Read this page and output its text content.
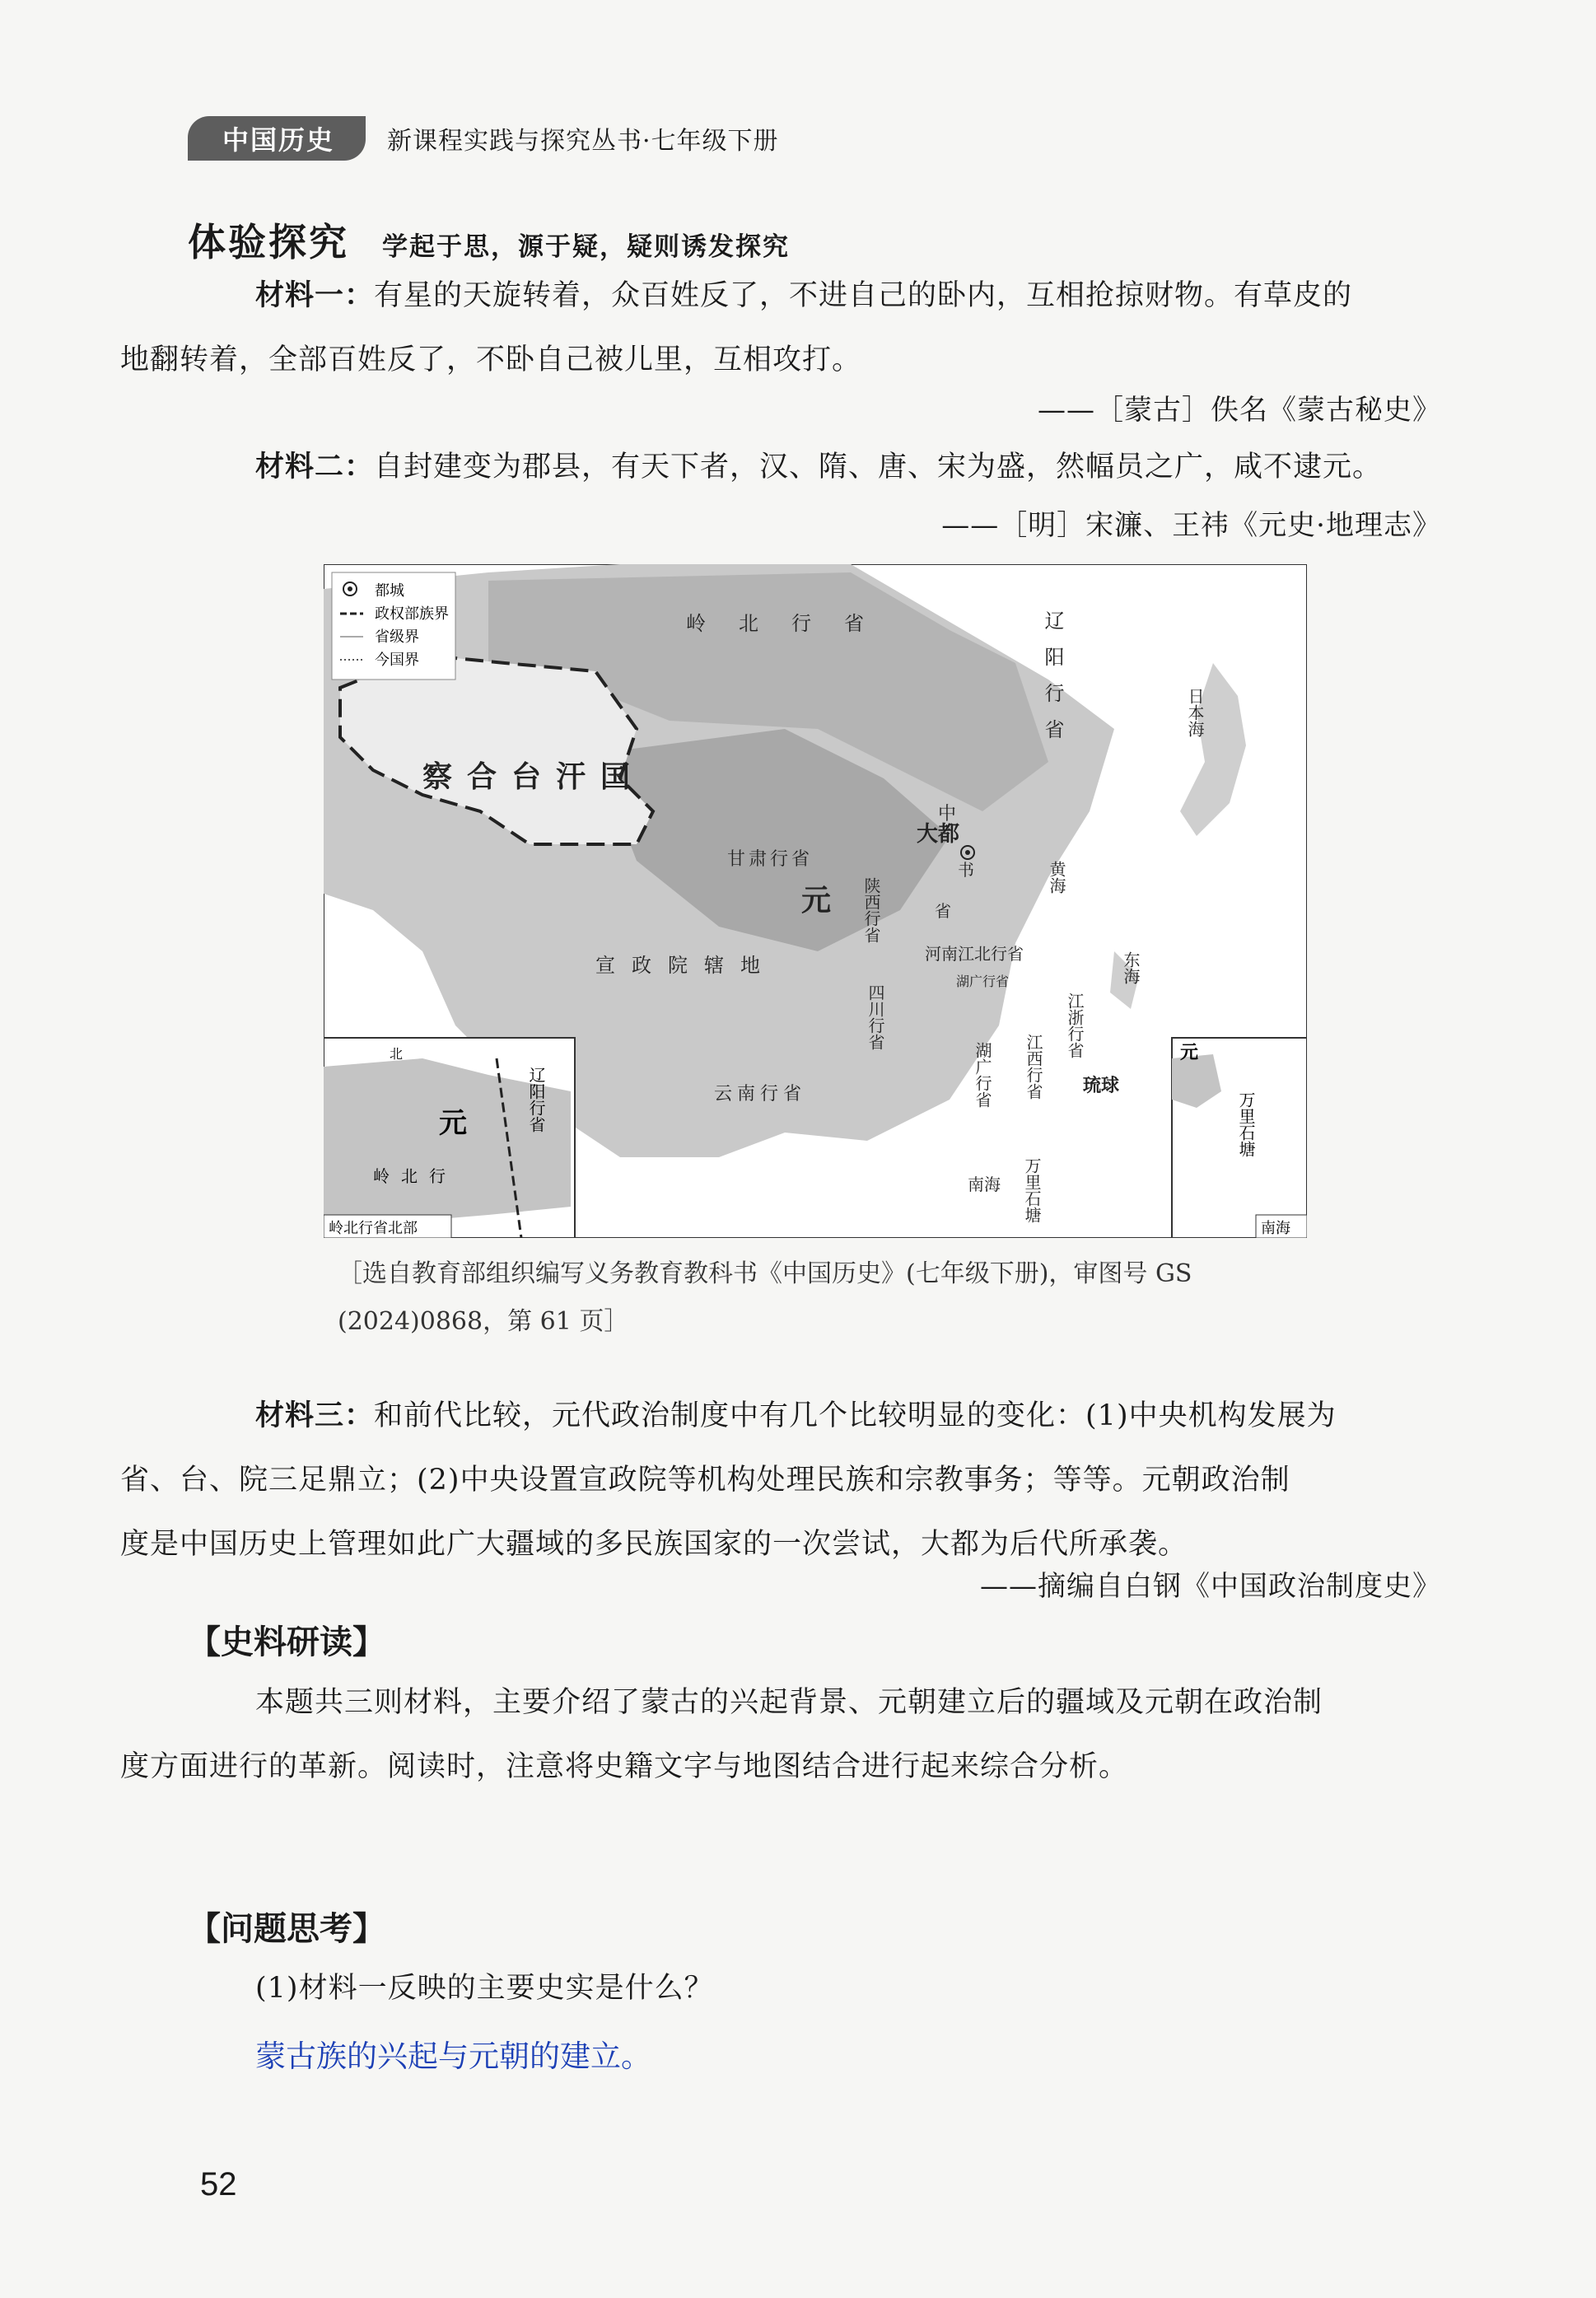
中国历史	新课程实践与探究丛书·七年级下册
体验探究 学起于思，源于疑，疑则诱发探究
材料一：有星的天旋转着，众百姓反了，不进自己的卧内，互相抢掠财物。有草皮的
地翻转着，全部百姓反了，不卧自己被儿里，互相攻打。
——［蒙古］佚名《蒙古秘史》
材料二：自封建变为郡县，有天下者，汉、隋、唐、宋为盛，然幅员之广，咸不逮元。
——［明］宋濂、王祎《元史·地理志》
都城
政权部族界
省级界
今国界
岭北行省	辽阳行省
察合台汗国
中
大都
书
省
甘肃行省
元 陕西行省
河南江北行省
湖广行省
宣政院辖地
四川行省	江浙行省
江西行省
湖广行省
云南行省	琉球
万里石塘
南海
东海
黄海
日本海
元
岭北行
辽阳行省
北
岭北行省北部
元
万里石塘
南海
［选自教育部组织编写义务教育教科书《中国历史》(七年级下册)，审图号 GS
(2024)0868，第 61 页］
材料三：和前代比较，元代政治制度中有几个比较明显的变化：(1)中央机构发展为
省、台、院三足鼎立；(2)中央设置宣政院等机构处理民族和宗教事务；等等。元朝政治制
度是中国历史上管理如此广大疆域的多民族国家的一次尝试，大都为后代所承袭。
——摘编自白钢《中国政治制度史》
【史料研读】
本题共三则材料，主要介绍了蒙古的兴起背景、元朝建立后的疆域及元朝在政治制
度方面进行的革新。阅读时，注意将史籍文字与地图结合进行起来综合分析。
【问题思考】
(1)材料一反映的主要史实是什么？
蒙古族的兴起与元朝的建立。
52
